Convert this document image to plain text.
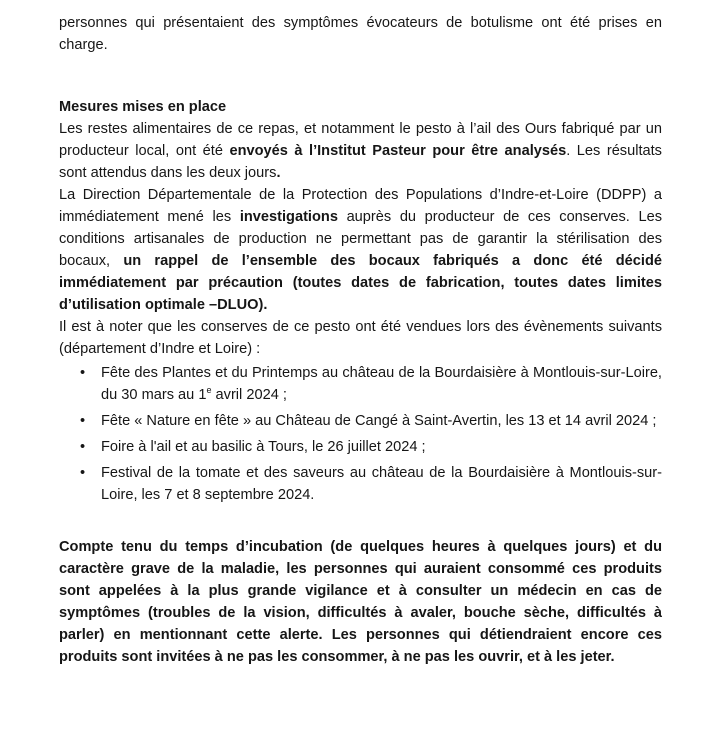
personnes qui présentaient des symptômes évocateurs de botulisme ont été prises en charge.

Mesures mises en place

Les restes alimentaires de ce repas, et notamment le pesto à l’ail des Ours fabriqué par un producteur local, ont été envoyés à l’Institut Pasteur pour être analysés. Les résultats sont attendus dans les deux jours.

La Direction Départementale de la Protection des Populations d’Indre-et-Loire (DDPP) a immédiatement mené les investigations auprès du producteur de ces conserves. Les conditions artisanales de production ne permettant pas de garantir la stérilisation des bocaux, un rappel de l’ensemble des bocaux fabriqués a donc été décidé immédiatement par précaution (toutes dates de fabrication, toutes dates limites d’utilisation optimale –DLUO).

Il est à noter que les conserves de ce pesto ont été vendues lors des évènements suivants (département d’Indre et Loire) :

• Fête des Plantes et du Printemps au château de la Bourdaisière à Montlouis-sur-Loire, du 30 mars au 1e avril 2024 ;
• Fête « Nature en fête » au Château de Cangé à Saint-Avertin, les 13 et 14 avril 2024 ;
• Foire à l'ail et au basilic à Tours, le 26 juillet 2024 ;
• Festival de la tomate et des saveurs au château de la Bourdaisière à Montlouis-sur-Loire, les 7 et 8 septembre 2024.

Compte tenu du temps d’incubation (de quelques heures à quelques jours) et du caractère grave de la maladie, les personnes qui auraient consommé ces produits sont appelées à la plus grande vigilance et à consulter un médecin en cas de symptômes (troubles de la vision, difficultés à avaler, bouche sèche, difficultés à parler) en mentionnant cette alerte. Les personnes qui détiendraient encore ces produits sont invitées à ne pas les consommer, à ne pas les ouvrir, et à les jeter.
